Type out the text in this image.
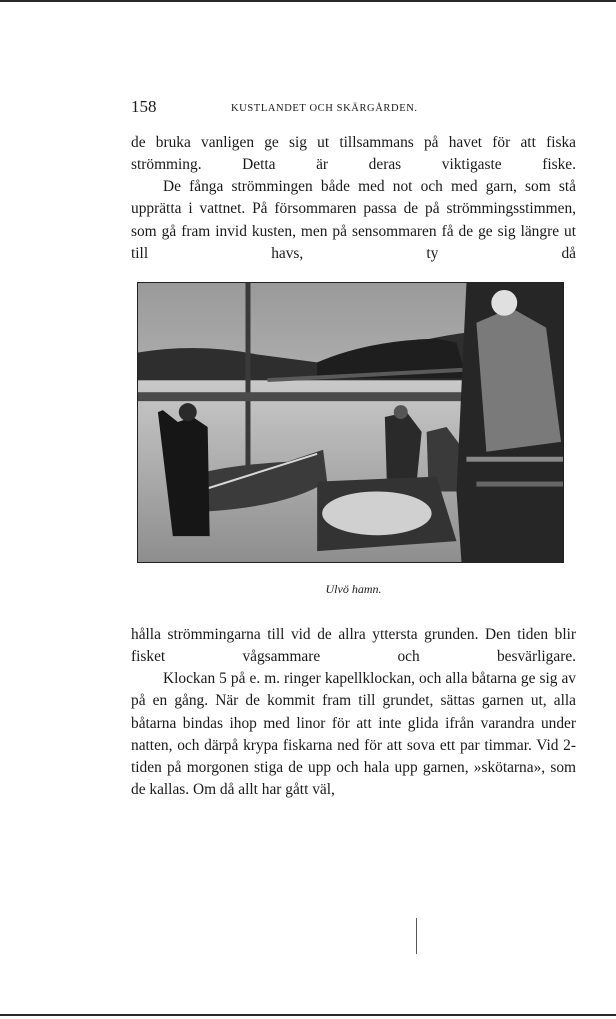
158	KUSTLANDET OCH SKÄRGÅRDEN.

de bruka vanligen ge sig ut tillsammans på havet för att fiska strömming. Detta är deras viktigaste fiske.

De fånga strömmingen både med not och med garn, som stå upprätta i vattnet. På försommaren passa de på strömmingsstimmen, som gå fram invid kusten, men på sensommaren få de ge sig längre ut till havs, ty då

Ulvö hamn.

hålla strömmingarna till vid de allra yttersta grunden. Den tiden blir fisket vågsammare och besvärligare.

Klockan 5 på e. m. ringer kapellklockan, och alla båtarna ge sig av på en gång. När de kommit fram till grundet, sättas garnen ut, alla båtarna bindas ihop med linor för att inte glida ifrån varandra under natten, och därpå krypa fiskarna ned för att sova ett par timmar. Vid 2-tiden på morgonen stiga de upp och hala upp garnen, »skötarna», som de kallas. Om då allt har gått väl,
